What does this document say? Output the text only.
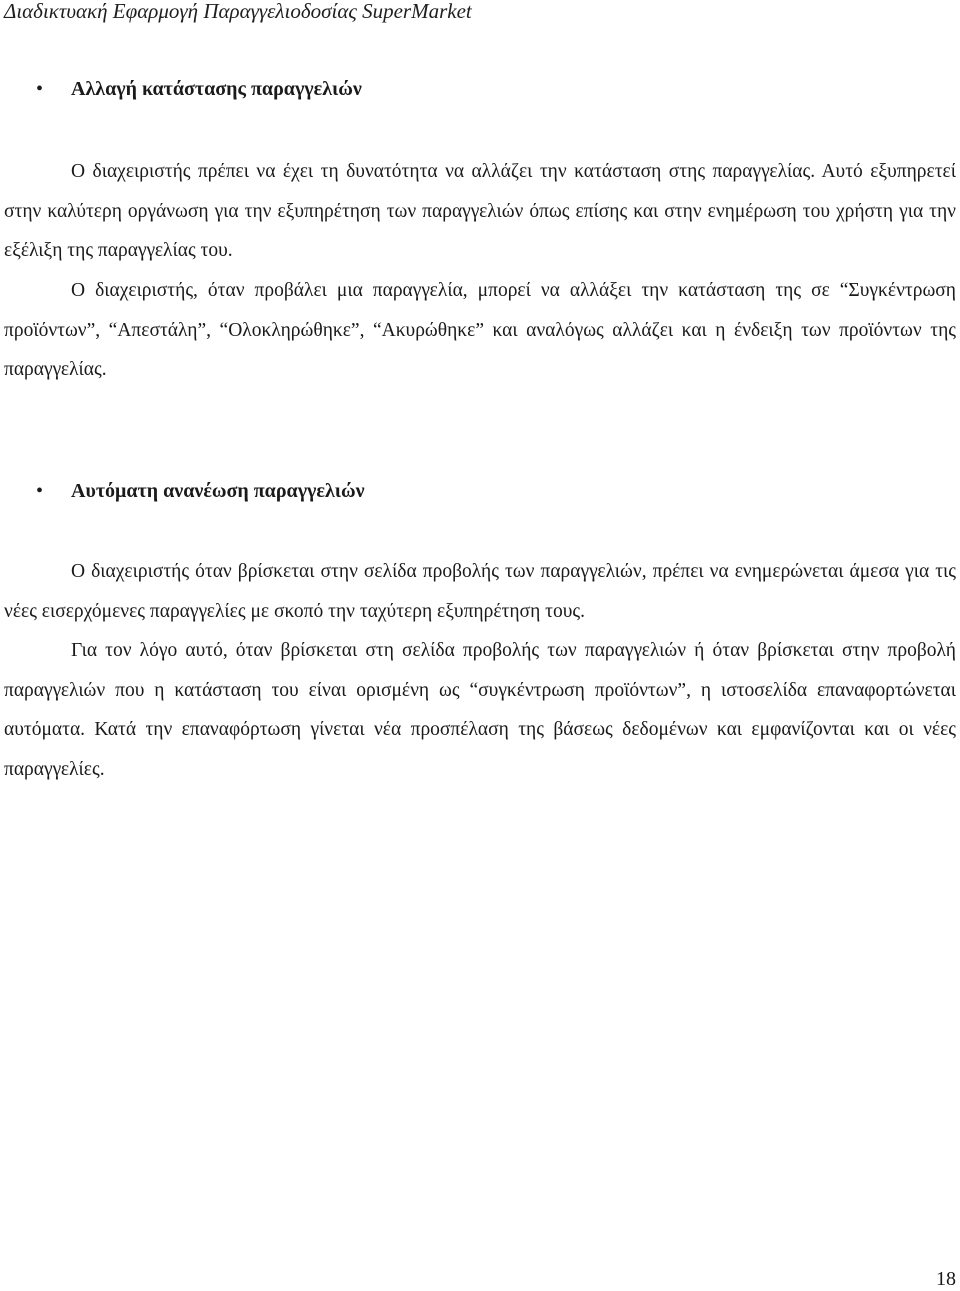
Διαδικτυακή Εφαρμογή Παραγγελιοδοσίας SuperMarket
• Αλλαγή κατάστασης παραγγελιών

Ο διαχειριστής πρέπει να έχει τη δυνατότητα να αλλάζει την κατάσταση στης παραγγελίας. Αυτό εξυπηρετεί στην καλύτερη οργάνωση για την εξυπηρέτηση των παραγγελιών όπως επίσης και στην ενημέρωση του χρήστη για την εξέλιξη της παραγγελίας του.

Ο διαχειριστής, όταν προβάλει μια παραγγελία, μπορεί να αλλάξει την κατάσταση της σε “Συγκέντρωση προϊόντων”, “Απεστάλη”, “Ολοκληρώθηκε”, “Ακυρώθηκε” και αναλόγως αλλάζει και η ένδειξη των προϊόντων της παραγγελίας.

• Αυτόματη ανανέωση παραγγελιών

Ο διαχειριστής όταν βρίσκεται στην σελίδα προβολής των παραγγελιών, πρέπει να ενημερώνεται άμεσα για τις νέες εισερχόμενες παραγγελίες με σκοπό την ταχύτερη εξυπηρέτηση τους.

Για τον λόγο αυτό, όταν βρίσκεται στη σελίδα προβολής των παραγγελιών ή όταν βρίσκεται στην προβολή παραγγελιών που η κατάσταση του είναι ορισμένη ως “συγκέντρωση προϊόντων”, η ιστοσελίδα επαναφορτώνεται αυτόματα. Κατά την επαναφόρτωση γίνεται νέα προσπέλαση της βάσεως δεδομένων και εμφανίζονται και οι νέες παραγγελίες.

18
